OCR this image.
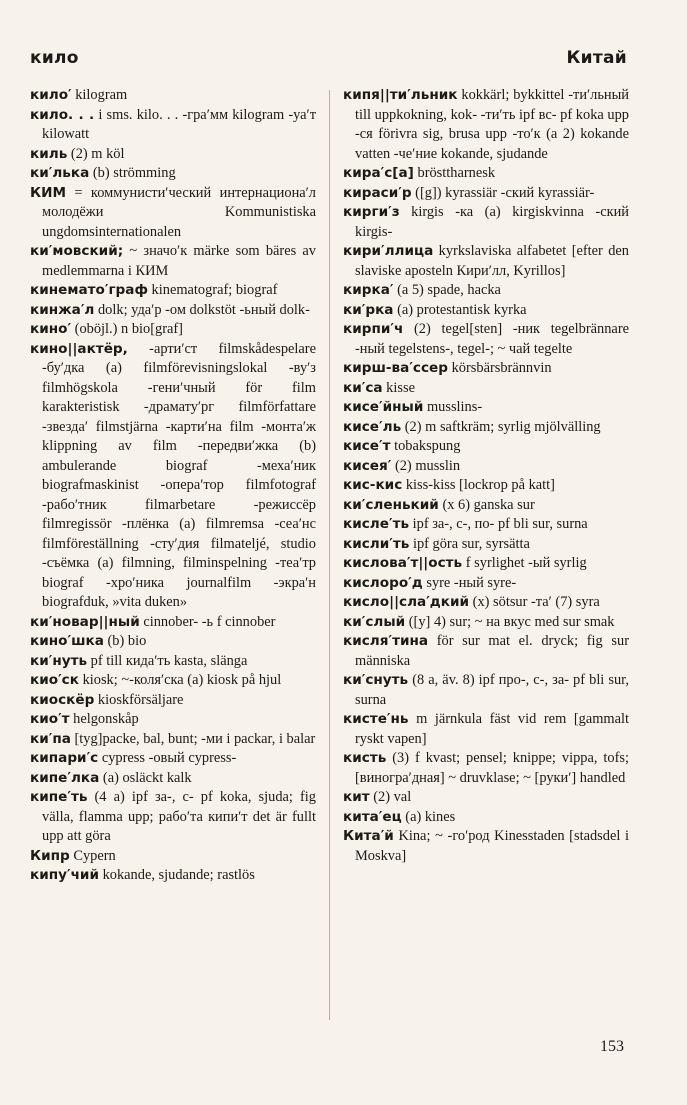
кило	Китай

кило′ kilogram

кило. . . i sms. kilo. . . -гра′мм kilogram -уа′т kilowatt

киль (2) m köl

ки′лька (b) strömming

КИМ = коммунисти′ческий интернациона′л молодёжи Kommunistiska ungdomsinternationalen

ки′мовский; ~ значо′к märke som bäres av medlemmarna i КИМ

кинемато′граф kinematograf; biograf

кинжа′л dolk; уда′р -ом dolkstöt -ьный dolk-

кино′ (oböjl.) n bio[graf]

кино||актёр, -арти′ст filmskådespelare -бу′дка (a) filmförevisningslokal -ву′з filmhögskola -гени′чный för film karakteristisk -драмату′рг filmförfattare -звезда′ filmstjärna -карти′на film -монта′ж klippning av film -передви′жка (b) ambulerande biograf -меха′ник biografmaskinist -опера′тор filmfotograf -рабо′тник filmarbetare -режиссёр filmregissör -плёнка (a) filmremsa -сеа′нс filmföreställning -сту′дия filmateljé, studio -съёмка (a) filmning, filminspelning -теа′тр biograf -хро′ника journalfilm -экра′н biografduk, »vita duken»

ки′новар||ный cinnober- -ь f cinnober

кино′шка (b) bio

ки′нуть pf till кида′ть kasta, slänga

кио′ск kiosk; ~-коля′ска (a) kiosk på hjul

киоскёр kioskförsäljare

кио′т helgonskåp

ки′па [tyg]packe, bal, bunt; -ми i packar, i balar

кипари′с cypress -овый cypress-

кипе′лка (a) osläckt kalk

кипе′ть (4 a) ipf за-, с- pf koka, sjuda; fig välla, flamma upp; рабо′та кипи′т det är fullt upp att göra

Кипр Cypern

кипу′чий kokande, sjudande; rastlös

кипя||ти′льник kokkärl; bykkittel -ти′льный till uppkokning, kok- -ти′ть ipf вс- pf koka upp -ся förivra sig, brusa upp -то′к (a 2) kokande vatten -че′ние kokande, sjudande

кира′с[а] brösttharnesk

кираси′р ([g]) kyrassiär -ский kyrassiär-

кирги′з kirgis -ка (a) kirgiskvinna -ский kirgis-

кири′ллица kyrkslaviska alfabetet [efter den slaviske aposteln Кири′лл, Kyrillos]

кирка′ (a 5) spade, hacka

ки′рка (a) protestantisk kyrka

кирпи′ч (2) tegel[sten] -ник tegelbrännare -ный tegelstens-, tegel-; ~ чай tegelte

кирш-ва′ссер körsbärsbrännvin

ки′са kisse

кисе′йный musslins-

кисе′ль (2) m saftkräm; syrlig mjölvälling

кисе′т tobakspung

кисея′ (2) musslin

кис-кис kiss-kiss [lockrop på katt]

ки′сленький (x 6) ganska sur

кисле′ть ipf за-, с-, по- pf bli sur, surna

кисли′ть ipf göra sur, syrsätta

кислова′т||ость f syrlighet -ый syrlig

кислоро′д syre -ный syre-

кисло||сла′дкий (x) sötsur -та′ (7) syra

ки′слый ([y] 4) sur; ~ на вкус med sur smak

кисля′тина för sur mat el. dryck; fig sur människa

ки′снуть (8 a, äv. 8) ipf про-, с-, за- pf bli sur, surna

кисте′нь m järnkula fäst vid rem [gammalt ryskt vapen]

кисть (3) f kvast; pensel; knippe; vippa, tofs; [виногра′дная] ~ druvklase; ~ [руки′] handled

кит (2) val

кита′ец (a) kines

Кита′й Kina; ~ -го′род Kinesstaden [stadsdel i Moskva]

153
